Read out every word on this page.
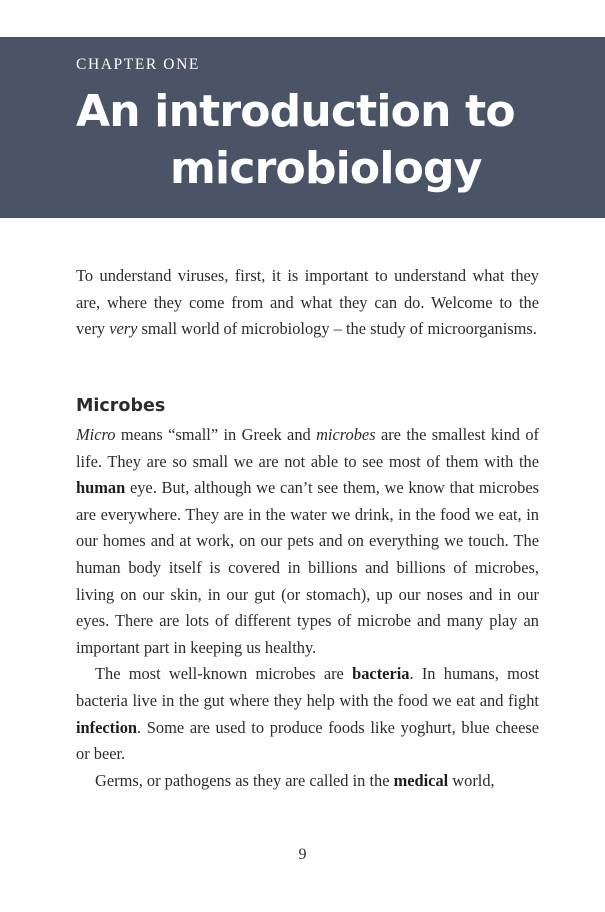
CHAPTER ONE
An introduction to
microbiology

To understand viruses, first, it is important to understand what they are, where they come from and what they can do. Welcome to the very very small world of microbiology – the study of microorganisms.

Microbes

Micro means “small” in Greek and microbes are the smallest kind of life. They are so small we are not able to see most of them with the human eye. But, although we can’t see them, we know that microbes are everywhere. They are in the water we drink, in the food we eat, in our homes and at work, on our pets and on everything we touch. The human body itself is covered in billions and billions of microbes, living on our skin, in our gut (or stomach), up our noses and in our eyes. There are lots of different types of microbe and many play an important part in keeping us healthy.

The most well-known microbes are bacteria. In humans, most bacteria live in the gut where they help with the food we eat and fight infection. Some are used to produce foods like yoghurt, blue cheese or beer.

Germs, or pathogens as they are called in the medical world,

9
